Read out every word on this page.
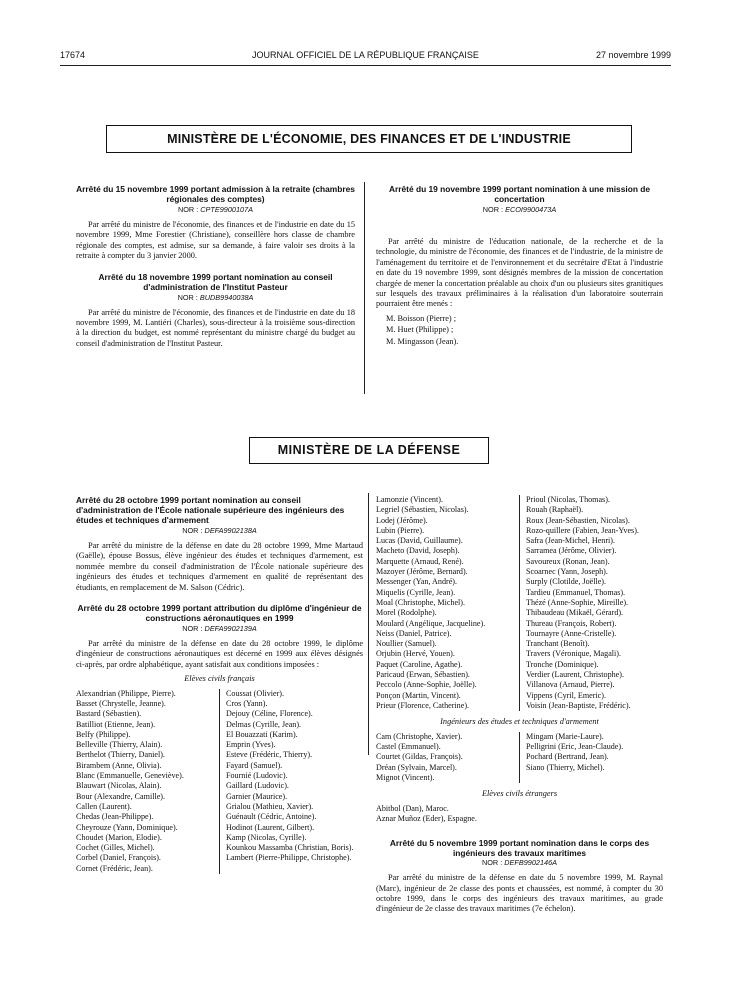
17674	JOURNAL OFFICIEL DE LA RÉPUBLIQUE FRANÇAISE	27 novembre 1999
MINISTÈRE DE L'ÉCONOMIE, DES FINANCES ET DE L'INDUSTRIE
Arrêté du 15 novembre 1999 portant admission à la retraite (chambres régionales des comptes)
NOR : CPTE9900107A

Par arrêté du ministre de l'économie, des finances et de l'industrie en date du 15 novembre 1999, Mme Forestier (Christiane), conseillère hors classe de chambre régionale des comptes, est admise, sur sa demande, à faire valoir ses droits à la retraite à compter du 3 janvier 2000.

Arrêté du 18 novembre 1999 portant nomination au conseil d'administration de l'Institut Pasteur
NOR : BUDB9940038A

Par arrêté du ministre de l'économie, des finances et de l'industrie en date du 18 novembre 1999, M. Lantiéri (Charles), sous-directeur à la troisième sous-direction à la direction du budget, est nommé représentant du ministre chargé du budget au conseil d'administration de l'Institut Pasteur.

Arrêté du 19 novembre 1999 portant nomination à une mission de concertation
NOR : ECOI9900473A

Par arrêté du ministre de l'éducation nationale, de la recherche et de la technologie, du ministre de l'économie, des finances et de l'industrie, de la ministre de l'aménagement du territoire et de l'environnement et du secrétaire d'Etat à l'industrie en date du 19 novembre 1999, sont désignés membres de la mission de concertation chargée de mener la concertation préalable au choix d'un ou plusieurs sites granitiques sur lesquels des travaux préliminaires à la réalisation d'un laboratoire souterrain pourraient être menés :

M. Boisson (Pierre) ;

M. Huet (Philippe) ;

M. Mingasson (Jean).

MINISTÈRE DE LA DÉFENSE
Arrêté du 28 octobre 1999 portant nomination au conseil d'administration de l'École nationale supérieure des ingénieurs des études et techniques d'armement
NOR : DEFA9902138A

Par arrêté du ministre de la défense en date du 28 octobre 1999, Mme Martaud (Gaëlle), épouse Bossus, élève ingénieur des études et techniques d'armement, est nommée membre du conseil d'administration de l'École nationale supérieure des ingénieurs des études et techniques d'armement en qualité de représentant des étudiants, en remplacement de M. Salson (Cédric).

Arrêté du 28 octobre 1999 portant attribution du diplôme d'ingénieur de constructions aéronautiques en 1999
NOR : DEFA9902139A

Par arrêté du ministre de la défense en date du 28 octobre 1999, le diplôme d'ingénieur de constructions aéronautiques est décerné en 1999 aux élèves désignés ci-après, par ordre alphabétique, ayant satisfait aux conditions imposées :

Elèves civils français
Alexandrian (Philippe, Pierre).
Basset (Chrystelle, Jeanne).
Bastard (Sébastien).
Batilliot (Etienne, Jean).
Belfy (Philippe).
Belleville (Thierry, Alain).
Berthelot (Thierry, Daniel).
Birambem (Anne, Olivia).
Blanc (Emmanuelle, Geneviève).
Blauwart (Nicolas, Alain).
Bour (Alexandre, Camille).
Callen (Laurent).
Chedas (Jean-Philippe).
Cheyrouze (Yann, Dominique).
Choudet (Marion, Elodie).
Cochet (Gilles, Michel).
Corbel (Daniel, François).
Cornet (Frédéric, Jean).
Coussat (Olivier).
Cros (Yann).
Dejouy (Céline, Florence).
Delmas (Cyrille, Jean).
El Bouazzati (Karim).
Emprin (Yves).
Esteve (Frédéric, Thierry).
Fayard (Samuel).
Fournié (Ludovic).
Gaillard (Ludovic).
Garnier (Maurice).
Grialou (Mathieu, Xavier).
Guénault (Cédric, Antoine).
Hodinot (Laurent, Gilbert).
Kamp (Nicolas, Cyrille).
Kounkou Massamba (Christian, Boris).
Lambert (Pierre-Philippe, Christophe).
Lamonzie (Vincent).
Legriel (Sébastien, Nicolas).
Lodej (Jérôme).
Lubin (Pierre).
Lucas (David, Guillaume).
Macheto (David, Joseph).
Marquette (Arnaud, René).
Mazoyer (Jérôme, Bernard).
Messenger (Yan, André).
Miquelis (Cyrille, Jean).
Moal (Christophe, Michel).
Morel (Rodolphe).
Moulard (Angélique, Jacqueline).
Neiss (Daniel, Patrice).
Noullier (Samuel).
Orjubin (Hervé, Youen).
Paquet (Caroline, Agathe).
Paricaud (Erwan, Sébastien).
Peccolo (Anne-Sophie, Joëlle).
Ponçon (Martin, Vincent).
Prieur (Florence, Catherine).
Prioul (Nicolas, Thomas).
Rouah (Raphaël).
Roux (Jean-Sébastien, Nicolas).
Rozo-quillere (Fabien, Jean-Yves).
Safra (Jean-Michel, Henri).
Sarramea (Jérôme, Olivier).
Savoureux (Ronan, Jean).
Scoarnec (Yann, Joseph).
Surply (Clotilde, Joëlle).
Tardieu (Emmanuel, Thomas).
Thézé (Anne-Sophie, Mireille).
Thibaudeau (Mikaël, Gérard).
Thureau (François, Robert).
Tournayre (Anne-Cristelle).
Tranchant (Benoît).
Travers (Véronique, Magali).
Tronche (Dominique).
Verdier (Laurent, Christophe).
Villanova (Arnaud, Pierre).
Vippens (Cyril, Emeric).
Voisin (Jean-Baptiste, Frédéric).
Ingénieurs des études et techniques d'armement
Cam (Christophe, Xavier).
Castel (Emmanuel).
Courtet (Gildas, François).
Dréan (Sylvain, Marcel).
Mignot (Vincent).
Mingam (Marie-Laure).
Pelligrini (Eric, Jean-Claude).
Pochard (Bertrand, Jean).
Siano (Thierry, Michel).
Elèves civils étrangers
Abitbol (Dan), Maroc.
Aznar Muñoz (Eder), Espagne.
Arrêté du 5 novembre 1999 portant nomination dans le corps des ingénieurs des travaux maritimes
NOR : DEFB9902146A

Par arrêté du ministre de la défense en date du 5 novembre 1999, M. Raynal (Marc), ingénieur de 2e classe des ponts et chaussées, est nommé, à compter du 30 octobre 1999, dans le corps des ingénieurs des travaux maritimes, au grade d'ingénieur de 2e classe des travaux maritimes (7e échelon).
